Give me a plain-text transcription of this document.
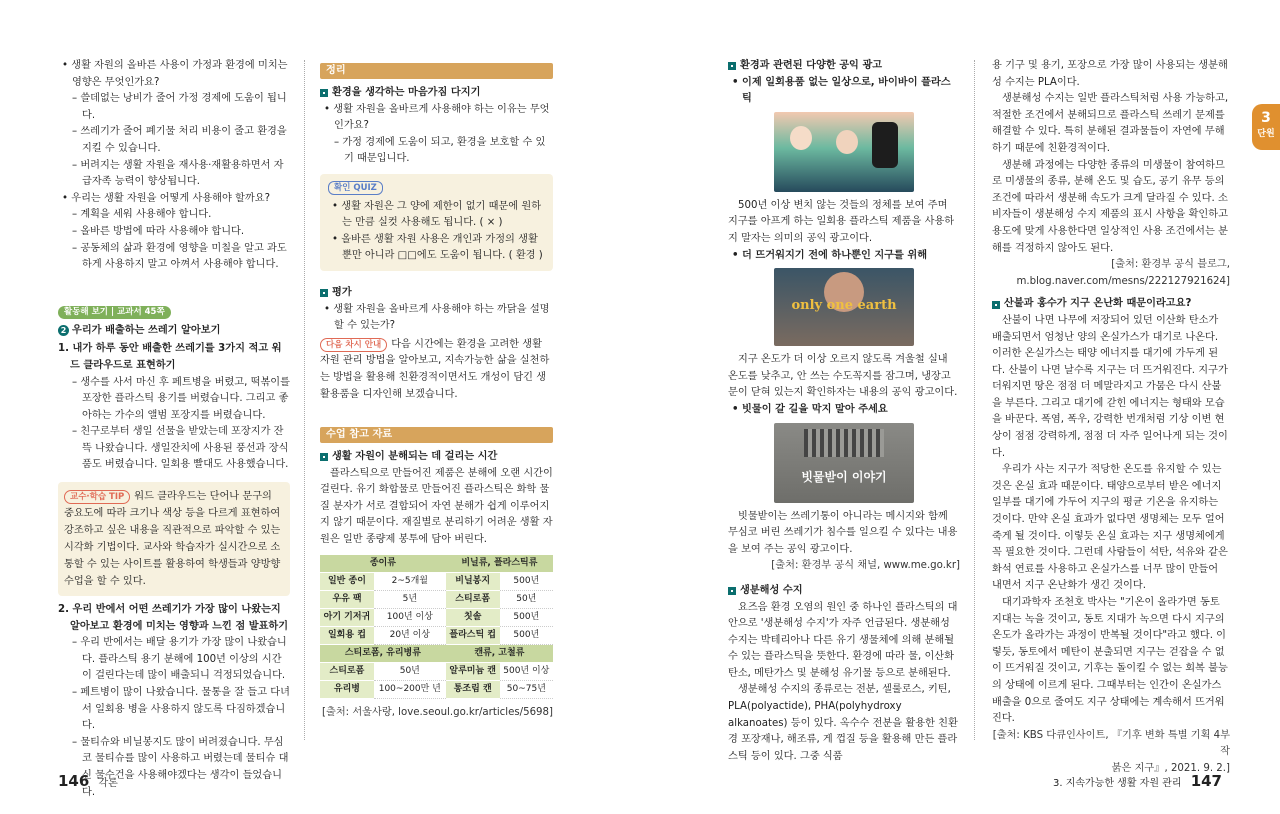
• 생활 자원의 올바른 사용이 가정과 환경에 미치는 영향은 무엇인가요?

– 쓸데없는 낭비가 줄어 가정 경제에 도움이 됩니다.

– 쓰레기가 줄어 폐기물 처리 비용이 줄고 환경을 지킬 수 있습니다.

– 버려지는 생활 자원을 재사용·재활용하면서 자급자족 능력이 향상됩니다.

• 우리는 생활 자원을 어떻게 사용해야 할까요?

– 계획을 세워 사용해야 합니다.

– 올바른 방법에 따라 사용해야 합니다.

– 공동체의 삶과 환경에 영향을 미칠을 알고 과도하게 사용하지 말고 아껴서 사용해야 합니다.

활동해 보기 | 교과서 45쪽

2 우리가 배출하는 쓰레기 알아보기

1. 내가 하루 동안 배출한 쓰레기를 3가지 적고 워드 클라우드로 표현하기

– 생수를 사서 마신 후 페트병을 버렸고, 떡볶이를 포장한 플라스틱 용기를 버렸습니다. 그리고 좋아하는 가수의 앨범 포장지를 버렸습니다.

– 친구로부터 생일 선물을 받았는데 포장지가 잔뜩 나왔습니다. 생일잔치에 사용된 풍선과 장식품도 버렸습니다. 일회용 빨대도 사용했습니다.

교수·학습 TIP 워드 클라우드는 단어나 문구의 중요도에 따라 크기나 색상 등을 다르게 표현하여 강조하고 싶은 내용을 직관적으로 파악할 수 있는 시각화 기법이다. 교사와 학습자가 실시간으로 소통할 수 있는 사이트를 활용하여 학생들과 양방향 수업을 할 수 있다.

2. 우리 반에서 어떤 쓰레기가 가장 많이 나왔는지 알아보고 환경에 미치는 영향과 느낀 점 발표하기

– 우리 반에서는 배달 용기가 가장 많이 나왔습니다. 플라스틱 용기 분해에 100년 이상의 시간이 걸린다는데 많이 배출되니 걱정되었습니다.

– 페트병이 많이 나왔습니다. 물통을 잘 들고 다녀서 일회용 병을 사용하지 않도록 다짐하겠습니다.

– 물티슈와 비닐봉지도 많이 버려졌습니다. 무심코 물티슈를 많이 사용하고 버렸는데 물티슈 대신 물수건을 사용해야겠다는 생각이 들었습니다.

정리

환경을 생각하는 마음가짐 다지기

• 생활 자원을 올바르게 사용해야 하는 이유는 무엇인가요?

– 가정 경제에 도움이 되고, 환경을 보호할 수 있기 때문입니다.

확인 QUIZ

• 생활 자원은 그 양에 제한이 없기 때문에 원하는 만큼 실컷 사용해도 됩니다. ( × )

• 올바른 생활 자원 사용은 개인과 가정의 생활뿐만 아니라 □□에도 도움이 됩니다. ( 환경 )

평가

• 생활 자원을 올바르게 사용해야 하는 까닭을 설명할 수 있는가?

다음 차시 안내 다음 시간에는 환경을 고려한 생활 자원 관리 방법을 알아보고, 지속가능한 삶을 실천하는 방법을 활용해 친환경적이면서도 개성이 담긴 생활용품을 디자인해 보겠습니다.

수업 참고 자료

생활 자원이 분해되는 데 걸리는 시간

플라스틱으로 만들어진 제품은 분해에 오랜 시간이 걸린다. 유기 화합물로 만들어진 플라스틱은 화학 물질 분자가 서로 결합되어 자연 분해가 쉽게 이루어지지 않기 때문이다. 재질별로 분리하기 어려운 생활 자원은 일반 종량제 봉투에 담아 버린다.

종이류		비닐류, 플라스틱류	
일반 종이	2~5개월	비닐봉지	500년
우유 팩	5년	스티로폼	50년
아기 기저귀	100년 이상	칫솔	500년
일회용 컵	20년 이상	플라스틱 컵	500년
스티로폼, 유리병류		캔류, 고철류	
스티로폼	50년	알루미늄 캔	500년 이상
유리병	100~200만 년	통조림 캔	50~75년

[출처: 서울사랑, love.seoul.go.kr/articles/5698]

146 각론

환경과 관련된 다양한 공익 광고

• 이제 일회용품 없는 일상으로, 바이바이 플라스틱

500년 이상 변치 않는 것들의 정체를 보여 주며 지구를 아프게 하는 일회용 플라스틱 제품을 사용하지 말자는 의미의 공익 광고이다.

• 더 뜨거워지기 전에 하나뿐인 지구를 위해

only one earth

지구 온도가 더 이상 오르지 않도록 겨울철 실내 온도를 낮추고, 안 쓰는 수도꼭지를 잠그며, 냉장고 문이 닫혀 있는지 확인하자는 내용의 공익 광고이다.

• 빗물이 갈 길을 막지 말아 주세요

빗물받이 이야기

빗물받이는 쓰레기통이 아니라는 메시지와 함께 무심코 버린 쓰레기가 침수를 일으킬 수 있다는 내용을 보여 주는 공익 광고이다.

[출처: 환경부 공식 채널, www.me.go.kr]

생분해성 수지

요즈음 환경 오염의 원인 중 하나인 플라스틱의 대안으로 '생분해성 수지'가 자주 언급된다. 생분해성 수지는 박테리아나 다른 유기 생물체에 의해 분해될 수 있는 플라스틱을 뜻한다. 환경에 따라 물, 이산화 탄소, 메탄가스 및 분해성 유기물 등으로 분해된다.

생분해성 수지의 종류로는 전분, 셀룰로스, 키틴, PLA(polyactide), PHA(polyhydroxy alkanoates) 등이 있다. 옥수수 전분을 활용한 친환경 포장재나, 해조류, 게 껍질 등을 활용해 만든 플라스틱 등이 있다. 그중 식품

용 기구 및 용기, 포장으로 가장 많이 사용되는 생분해성 수지는 PLA이다.

생분해성 수지는 일반 플라스틱처럼 사용 가능하고, 적절한 조건에서 분해되므로 플라스틱 쓰레기 문제를 해결할 수 있다. 특히 분해된 결과물들이 자연에 무해하기 때문에 친환경적이다.

생분해 과정에는 다양한 종류의 미생물이 참여하므로 미생물의 종류, 분해 온도 및 습도, 공기 유무 등의 조건에 따라서 생분해 속도가 크게 달라질 수 있다. 소비자들이 생분해성 수지 제품의 표시 사항을 확인하고 용도에 맞게 사용한다면 일상적인 사용 조건에서는 분해를 걱정하지 않아도 된다.

[출처: 환경부 공식 블로그,

m.blog.naver.com/mesns/222127921624]

산불과 홍수가 지구 온난화 때문이라고요?

산불이 나면 나무에 저장되어 있던 이산화 탄소가 배출되면서 엄청난 양의 온실가스가 대기로 나온다. 이러한 온실가스는 태양 에너지를 대기에 가두게 된다. 산불이 나면 날수록 지구는 더 뜨거워진다. 지구가 더워지면 땅은 점점 더 메말라지고 가뭄은 다시 산불을 부른다. 그리고 대기에 갇힌 에너지는 형태와 모습을 바꾼다. 폭염, 폭우, 강력한 번개처럼 기상 이변 현상이 점점 강력하게, 점점 더 자주 일어나게 되는 것이다.

우리가 사는 지구가 적당한 온도를 유지할 수 있는 것은 온실 효과 때문이다. 태양으로부터 받은 에너지 일부를 대기에 가두어 지구의 평균 기온을 유지하는 것이다. 만약 온실 효과가 없다면 생명체는 모두 얼어 죽게 될 것이다. 이렇듯 온실 효과는 지구 생명체에게 꼭 필요한 것이다. 그런데 사람들이 석탄, 석유와 같은 화석 연료를 사용하고 온실가스를 너무 많이 만들어 내면서 지구 온난화가 생긴 것이다.

대기과학자 조천호 박사는 "기온이 올라가면 동토 지대는 녹을 것이고, 동토 지대가 녹으면 다시 지구의 온도가 올라가는 과정이 반복될 것이다"라고 했다. 이렇듯, 동토에서 메탄이 분출되면 지구는 걷잡을 수 없이 뜨거워질 것이고, 기후는 돌이킬 수 없는 회복 불능의 상태에 이르게 된다. 그때부터는 인간이 온실가스 배출을 0으로 줄여도 지구 상태에는 계속해서 뜨거워진다.

[출처: KBS 다큐인사이트, 『기후 변화 특별 기획 4부작

붉은 지구』, 2021. 9. 2.]

3
단원
3. 지속가능한 생활 자원 관리 147
